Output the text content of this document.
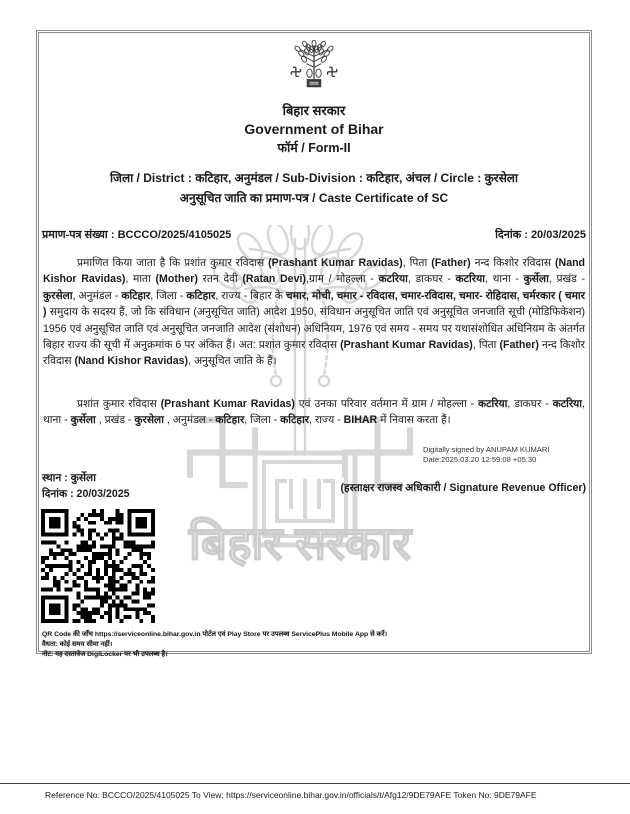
बिहार सरकार
बिहार सरकार
Government of Bihar
फॉर्म / Form-II
जिला / District : कटिहार, अनुमंडल / Sub-Division : कटिहार, अंचल / Circle : कुरसेला
अनुसूचित जाति का प्रमाण-पत्र / Caste Certificate of SC
प्रमाण-पत्र संख्या : BCCCO/2025/4105025	दिनांक : 20/03/2025

प्रमाणित किया जाता है कि प्रशांत कुमार रविदास (Prashant Kumar Ravidas), पिता (Father) नन्द किशोर रविदास (Nand Kishor Ravidas), माता (Mother) रतन देवी (Ratan Devi),ग्राम / मोहल्ला - कटरिया, डाकघर - कटरिया, थाना - कुर्सेला, प्रखंड - कुरसेला, अनुमंडल - कटिहार, जिला - कटिहार, राज्य - बिहार के चमार, मोची, चमार - रविदास, चमार-रविदास, चमार- रोहिदास, चर्मरकार ( चमार ) समुदाय के सदस्य हैं, जो कि संविधान (अनुसूचित जाति) आदेश 1950, संविधान अनुसूचित जाति एवं अनुसूचित जनजाति सूची (मोडिफिकेशन) 1956 एवं अनुसूचित जाति एवं अनुसूचित जनजाति आदेश (संशोधन) अधिनियम, 1976 एवं समय - समय पर यथासंशोधित अधिनियम के अंतर्गत बिहार राज्य की सूची में अनुक्रमांक 6 पर अंकित हैं। अत: प्रशांत कुमार रविदास (Prashant Kumar Ravidas), पिता (Father) नन्द किशोर रविदास (Nand Kishor Ravidas), अनुसूचित जाति के हैं।

प्रशांत कुमार रविदास (Prashant Kumar Ravidas) एवं उनका परिवार वर्तमान में ग्राम / मोहल्ला - कटरिया, डाकघर - कटरिया, थाना - कुर्सेला , प्रखंड - कुरसेला , अनुमंडल - कटिहार, जिला - कटिहार, राज्य - BIHAR में निवास करता हैं।

Digitally signed by ANUPAM KUMARI
Date:2025.03.20 12:59:08 +05:30
स्थान : कुर्सेला
दिनांक : 20/03/2025	(हस्ताक्षर राजस्व अधिकारी / Signature Revenue Officer)
QR Code की जाँच https://serviceonline.bihar.gov.in पोर्टल एवं Play Store पर उपलब्ध ServicePlus Mobile App से करें।
वैधता: कोई समय सीमा नहीं।
नोट: यह दस्तावेज DigiLocker पर भी उपलब्ध है।
Reference No: BCCCO/2025/4105025 To View: https://serviceonline.bihar.gov.in/officials/t/Afg12/9DE79AFE Token No: 9DE79AFE
